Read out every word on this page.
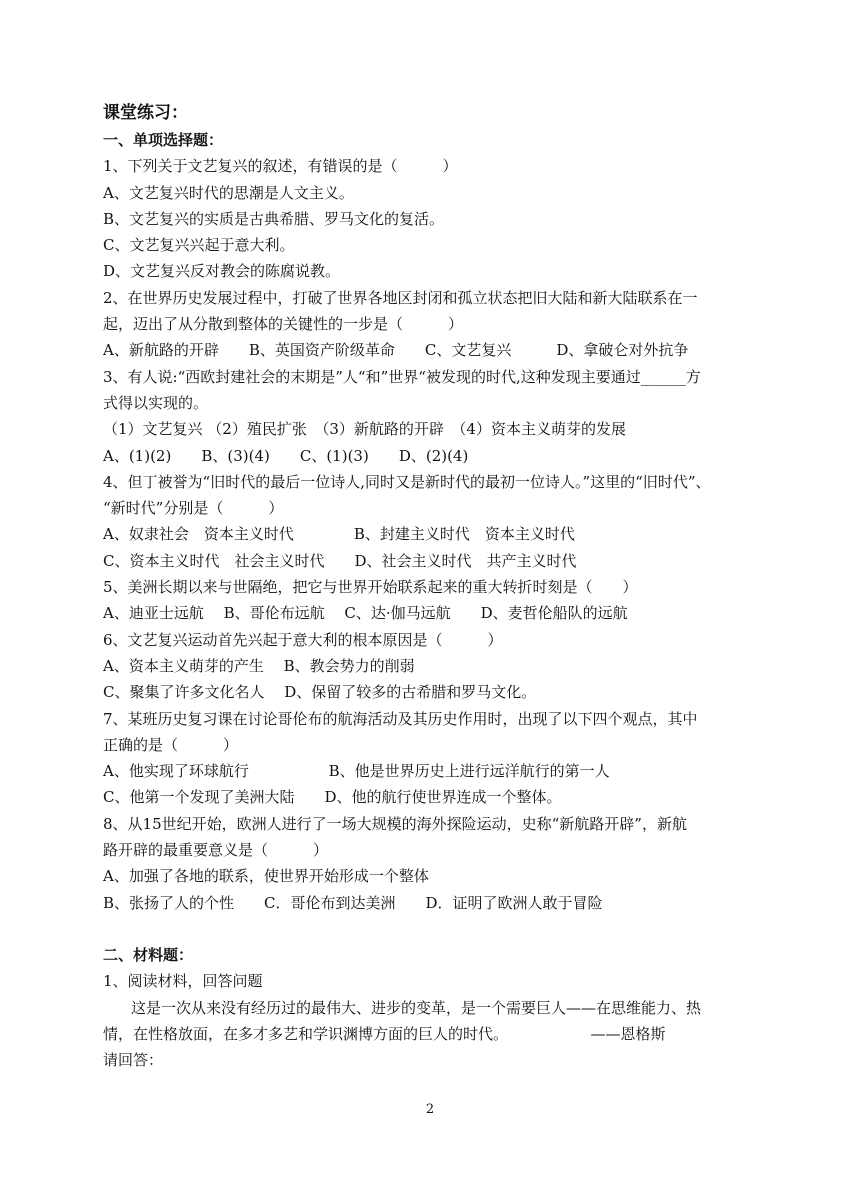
课堂练习：
一、单项选择题：
1、下列关于文艺复兴的叙述，有错误的是（　　　）
A、文艺复兴时代的思潮是人文主义。
B、文艺复兴的实质是古典希腊、罗马文化的复活。
C、文艺复兴兴起于意大利。
D、文艺复兴反对教会的陈腐说教。
2、在世界历史发展过程中，打破了世界各地区封闭和孤立状态把旧大陆和新大陆联系在一
起，迈出了从分散到整体的关键性的一步是（　　　）
A、新航路的开辟　　B、英国资产阶级革命　　C、文艺复兴　　　D、拿破仑对外抗争
3、有人说:“西欧封建社会的末期是”人“和”世界“被发现的时代,这种发现主要通过______方
式得以实现的。
（1）文艺复兴 （2）殖民扩张　（3）新航路的开辟　（4）资本主义萌芽的发展
A、(1)(2)　　B、(3)(4)　　C、(1)(3)　　D、(2)(4)
4、但丁被誉为“旧时代的最后一位诗人,同时又是新时代的最初一位诗人。”这里的“旧时代”、
“新时代”分别是（　　　）
A、奴隶社会　资本主义时代　　　　B、封建主义时代　资本主义时代
C、资本主义时代　社会主义时代　　D、社会主义时代　共产主义时代
5、美洲长期以来与世隔绝，把它与世界开始联系起来的重大转折时刻是（　　）
A、迪亚士远航　 B、哥伦布远航　 C、达·伽马远航　　D、麦哲伦船队的远航
6、文艺复兴运动首先兴起于意大利的根本原因是（　　　）
A、资本主义萌芽的产生　 B、教会势力的削弱
C、聚集了许多文化名人　 D、保留了较多的古希腊和罗马文化。
7、某班历史复习课在讨论哥伦布的航海活动及其历史作用时，出现了以下四个观点，其中
正确的是（　　　）
A、他实现了环球航行　　　　　 B、他是世界历史上进行远洋航行的第一人
C、他第一个发现了美洲大陆　　D、他的航行使世界连成一个整体。
8、从15世纪开始，欧洲人进行了一场大规模的海外探险运动，史称“新航路开辟”，新航
路开辟的最重要意义是（　　　）
A、加强了各地的联系，使世界开始形成一个整体
B、张扬了人的个性　　C．哥伦布到达美洲　　D．证明了欧洲人敢于冒险
二、材料题：
1、阅读材料，回答问题
这是一次从来没有经历过的最伟大、进步的变革，是一个需要巨人——在思维能力、热
情，在性格放面，在多才多艺和学识渊博方面的巨人的时代。　　　　　　——恩格斯
请回答：
2
